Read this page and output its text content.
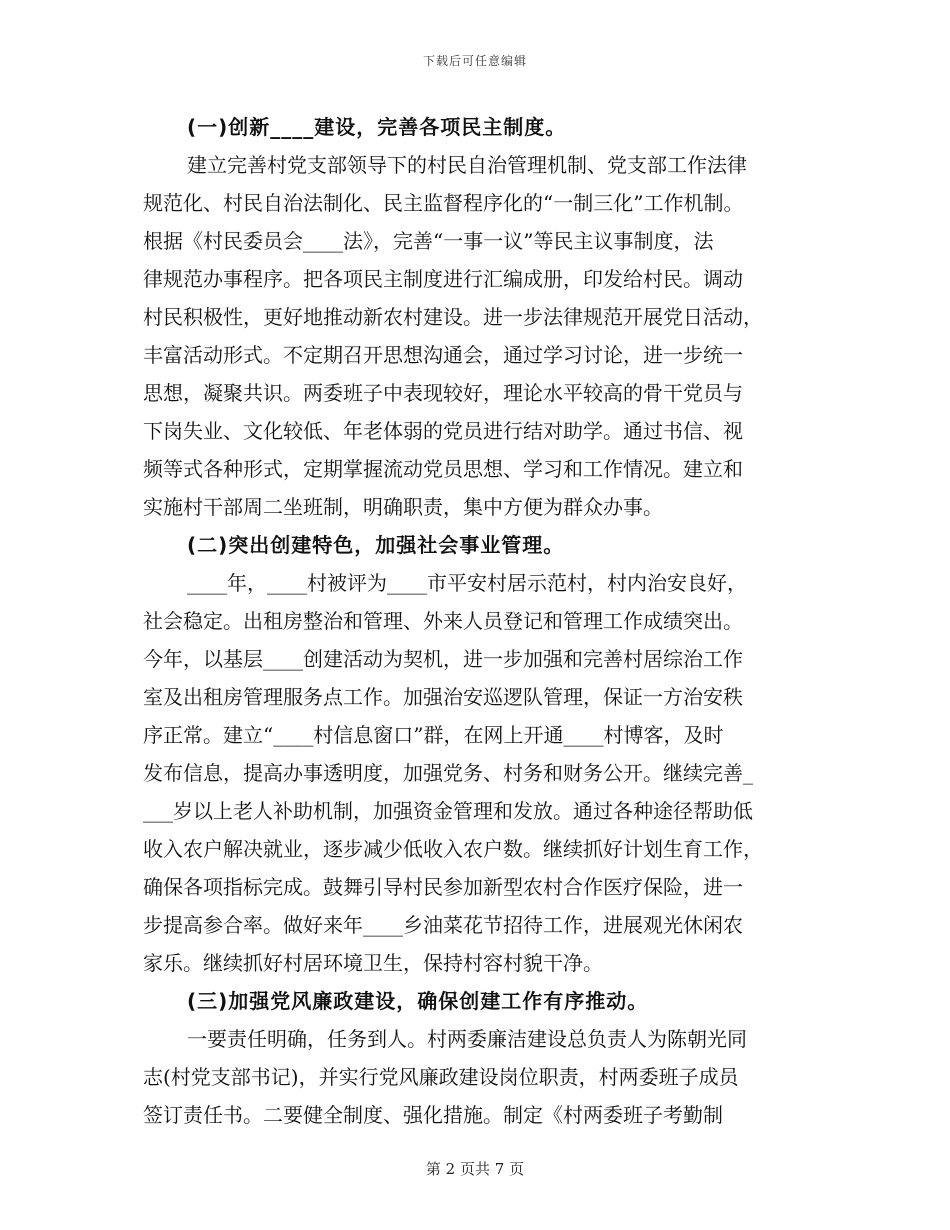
下载后可任意编辑
(一)创新____建设，完善各项民主制度。
建立完善村党支部领导下的村民自治管理机制、党支部工作法律
规范化、村民自治法制化、民主监督程序化的“一制三化”工作机制。
根据《村民委员会____法》，完善“一事一议”等民主议事制度，法
律规范办事程序。把各项民主制度进行汇编成册，印发给村民。调动
村民积极性，更好地推动新农村建设。进一步法律规范开展党日活动，
丰富活动形式。不定期召开思想沟通会，通过学习讨论，进一步统一
思想，凝聚共识。两委班子中表现较好，理论水平较高的骨干党员与
下岗失业、文化较低、年老体弱的党员进行结对助学。通过书信、视
频等式各种形式，定期掌握流动党员思想、学习和工作情况。建立和
实施村干部周二坐班制，明确职责，集中方便为群众办事。
(二)突出创建特色，加强社会事业管理。
____年，____村被评为____市平安村居示范村，村内治安良好，
社会稳定。出租房整治和管理、外来人员登记和管理工作成绩突出。
今年，以基层____创建活动为契机，进一步加强和完善村居综治工作
室及出租房管理服务点工作。加强治安巡逻队管理，保证一方治安秩
序正常。建立“____村信息窗口”群，在网上开通____村博客，及时
发布信息，提高办事透明度，加强党务、村务和财务公开。继续完善_
___岁以上老人补助机制，加强资金管理和发放。通过各种途径帮助低
收入农户解决就业，逐步减少低收入农户数。继续抓好计划生育工作，
确保各项指标完成。鼓舞引导村民参加新型农村合作医疗保险，进一
步提高参合率。做好来年____乡油菜花节招待工作，进展观光休闲农
家乐。继续抓好村居环境卫生，保持村容村貌干净。
(三)加强党风廉政建设，确保创建工作有序推动。
一要责任明确，任务到人。村两委廉洁建设总负责人为陈朝光同
志(村党支部书记)，并实行党风廉政建设岗位职责，村两委班子成员
签订责任书。二要健全制度、强化措施。制定《村两委班子考勤制
第 2 页共 7 页
